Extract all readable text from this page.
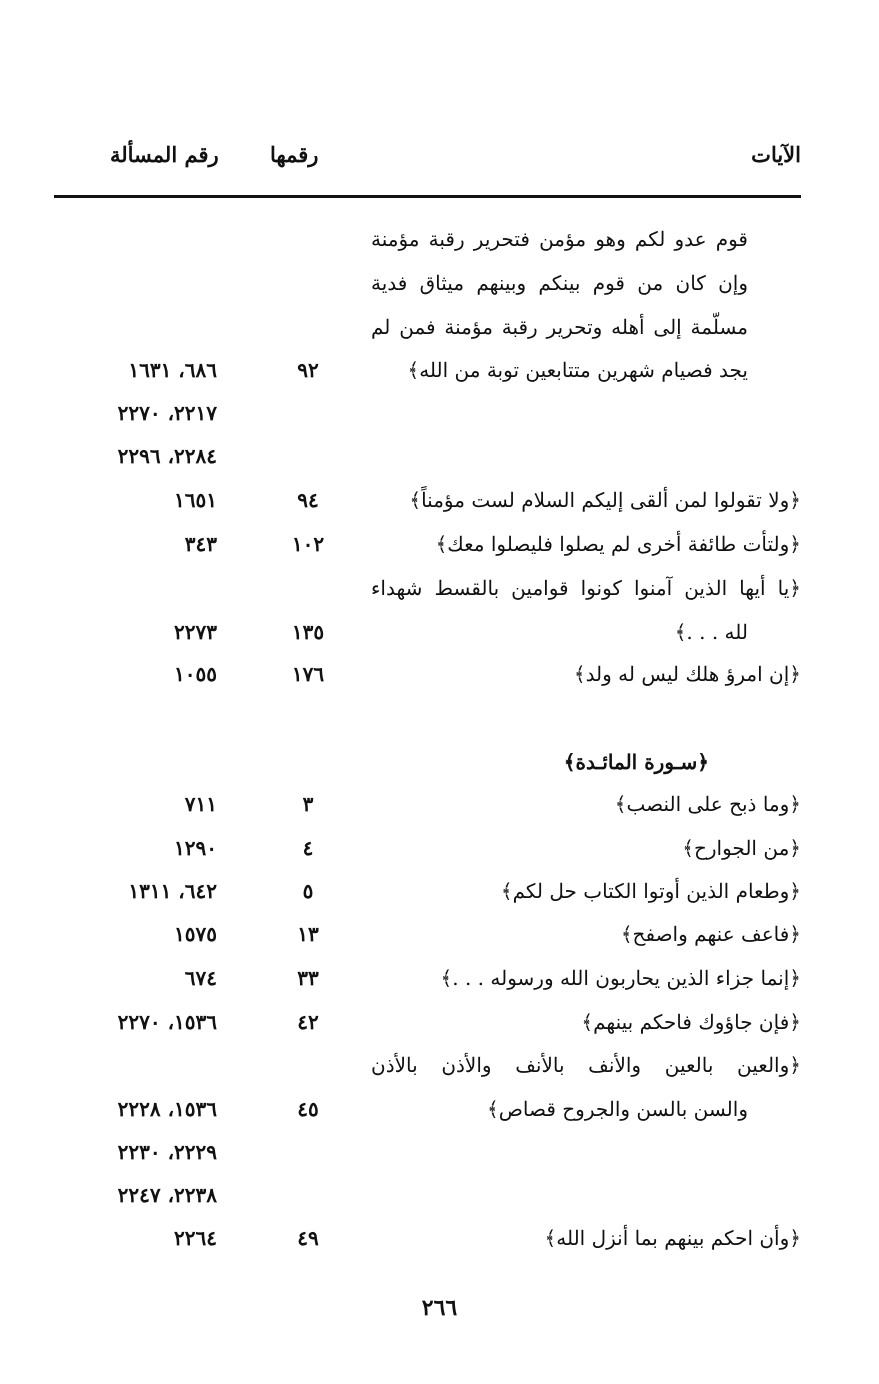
الآيات
رقمها
رقم المسألة
قوم عدو لكم وهو مؤمن فتحرير رقبة مؤمنة
وإن كان من قوم بينكم وبينهم ميثاق فدية
مسلّمة إلى أهله وتحرير رقبة مؤمنة فمن لم
يجد فصيام شهرين متتابعين توبة من الله﴾
﴿ولا تقولوا لمن ألقى إليكم السلام لست مؤمناً﴾
﴿ولتأت طائفة أخرى لم يصلوا فليصلوا معك﴾
﴿يا أيها الذين آمنوا كونوا قوامين بالقسط شهداء
لله . . .﴾
﴿إن امرؤ هلك ليس له ولد﴾
﴿سـورة المائـدة﴾
﴿وما ذبح على النصب﴾
﴿من الجوارح﴾
﴿وطعام الذين أوتوا الكتاب حل لكم﴾
﴿فاعف عنهم واصفح﴾
﴿إنما جزاء الذين يحاربون الله ورسوله . . .﴾
﴿فإن جاؤوك فاحكم بينهم﴾
﴿والعين بالعين والأنف بالأنف والأذن بالأذن
والسن بالسن والجروح قصاص﴾
﴿وأن احكم بينهم بما أنزل الله﴾
٩٢
٩٤
١٠٢
١٣٥
١٧٦
٣
٤
٥
١٣
٣٣
٤٢
٤٥
٤٩
٦٨٦، ١٦٣١
٢٢١٧، ٢٢٧٠
٢٢٨٤، ٢٢٩٦
١٦٥١
٣٤٣
٢٢٧٣
١٠٥٥
٧١١
١٢٩٠
٦٤٢، ١٣١١
١٥٧٥
٦٧٤
١٥٣٦، ٢٢٧٠
١٥٣٦، ٢٢٢٨
٢٢٢٩، ٢٢٣٠
٢٢٣٨، ٢٢٤٧
٢٢٦٤
٢٦٦
